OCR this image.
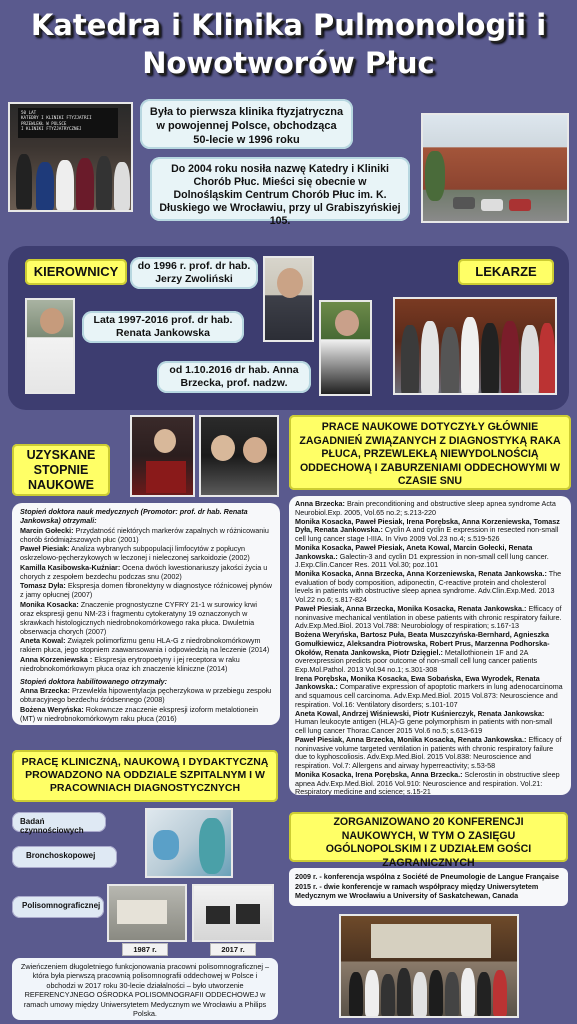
Katedra i Klinika Pulmonologii i
Nowotworów Płuc
50 LAT
KATEDRY I KLINIKI FTYZJATRII
PRZEWLEKŁ W POLSCE
I KLINIKI FTYZJATRYCZNEJ
Była to pierwsza klinika ftyzjatryczna w powojennej Polsce, obchodząca 50-lecie w 1996 roku
Do 2004 roku nosiła nazwę Katedry i Kliniki Chorób Płuc. Mieści się obecnie w Dolnośląskim Centrum Chorób Płuc im. K. Dłuskiego we Wrocławiu, przy ul Grabiszyńskiej 105.
KIEROWNICY	LEKARZE
do 1996 r. prof. dr hab. Jerzy Zwoliński
Lata 1997-2016 prof. dr hab. Renata Jankowska
od 1.10.2016 dr hab. Anna Brzecka, prof. nadzw.
UZYSKANE STOPNIE NAUKOWE

Stopień doktora nauk medycznych (Promotor: prof. dr hab. Renata Jankowska) otrzymali:

Marcin Gołecki: Przydatność niektórych markerów zapalnych w różnicowaniu chorób śródmiąższowych płuc (2001)

Paweł Piesiak: Analiza wybranych subpopulacji limfocytów z popłucyn oskrzelowo-pęcherzykowych w leczonej i nieleczonej sarkoidozie (2002)

Kamilla Kasibowska-Kuźniar: Ocena dwóch kwestionariuszy jakości życia u chorych z zespołem bezdechu podczas snu (2002)

Tomasz Dyła: Ekspresja domen fibronektyny w diagnostyce róźnicowej płynów z jamy opłucnej (2007)

Monika Kosacka: Znaczenie prognostyczne CYFRY 21-1 w surowicy krwi oraz ekspresji genu NM-23 i fragmentu cytokeratyny 19 oznaczonych w skrawkach histologicznych niedrobnokomórkowego raka płuca. Dwuletnia obserwacja chorych (2007)

Aneta Kowal: Związek polimorfizmu genu HLA-G z niedrobnokomórkowym rakiem płuca, jego stopniem zaawansowania i odpowiedzią na leczenie (2014)

Anna Korzeniewska : Ekspresja erytropoetyny i jej receptora w raku niedrobnokomórkowym płuca oraz ich znaczenie kliniczne (2014)

Stopień doktora habilitowanego otrzymały:

Anna Brzecka: Przewlekła hipowentylacja pęcherzykowa w przebiegu zespołu obturacyjnego bezdechu śródsennego (2008)

Bożena Weryńska: Rokowncze znaczenie ekspresji izoform metalotionein (MT) w niedrobnokomórkowym raku płuca (2016)

PRACE NAUKOWE DOTYCZYŁY GŁÓWNIE ZAGADNIEŃ ZWIĄZANYCH Z DIAGNOSTYKĄ RAKA PŁUCA, PRZEWLEKŁĄ NIEWYDOLNOŚCIĄ ODDECHOWĄ I ZABURZENIAMI ODDECHOWYMI W CZASIE SNU

Anna Brzecka: Brain preconditioning and obstructive sleep apnea syndrome Acta Neurobiol.Exp. 2005, Vol.65 no.2; s.213-220

Monika Kosacka, Paweł Piesiak, Irena Porębska, Anna Korzeniewska, Tomasz Dyła, Renata Jankowska.: Cyclin A and cyclin E expression in resected non-small cell lung cancer stage I-IIIA. In Vivo 2009 Vol.23 no.4; s.519-526

Monika Kosacka, Paweł Piesiak, Aneta Kowal, Marcin Gołecki, Renata Jankowska.: Galectin-3 and cyclin D1 expression in non-small cell lung cancer. J.Exp.Clin.Cancer Res. 2011 Vol.30; poz.101

Monika Kosacka, Anna Brzecka, Anna Korzeniewska, Renata Jankowska.: The evaluation of body composition, adiponectin, C-reactive protein and cholesterol levels in patients with obstructive sleep apnea syndrome. Adv.Clin.Exp.Med. 2013 Vol.22 no.6; s.817-824

Paweł Piesiak, Anna Brzecka, Monika Kosacka, Renata Jankowska.: Efficacy of noninvasive mechanical ventilation in obese patients with chronic respiratory failure. Adv.Exp.Med.Biol. 2013 Vol.788: Neurobiology of respiration; s.167-13

Bożena Weryńska, Bartosz Puła, Beata Muszczyńska-Bernhard, Agnieszka Gomułkiewicz, Aleksandra Piotrowska, Robert Prus, Marzenna Podhorska-Okołów, Renata Jankowska, Piotr Dzięgiel.: Metallothionein 1F and 2A overexpression predicts poor outcome of non-small cell lung cancer patients Exp.Mol.Pathol. 2013 Vol.94 no.1; s.301-308

Irena Porębska, Monika Kosacka, Ewa Sobańska, Ewa Wyrodek, Renata Jankowska.: Comparative expression of apoptotic markers in lung adenocarcinoma and squamous cell carcinoma. Adv.Exp.Med.Biol. 2015 Vol.873: Neuroscience and respiration. Vol.16: Ventilatory disorders; s.101-107

Aneta Kowal, Andrzej Wiśniewski, Piotr Kuśnierczyk, Renata Jankowska: Human leukocyte antigen (HLA)-G gene polymorphism in patients with non-small cell lung cancer Thorac.Cancer 2015 Vol.6 no.5; s.613-619

Paweł Piesiak, Anna Brzecka, Monika Kosacka, Renata Jankowska.: Efficacy of noninvasive volume targeted ventilation in patients with chronic respiratory failure due to kyphoscoliosis. Adv.Exp.Med.Biol. 2015 Vol.838: Neuroscience and respiration. Vol.7: Allergens and airway hyperreactivity; s.53-58

Monika Kosacka, Irena Porębska, Anna Brzecka.: Sclerostin in obstructive sleep apnea Adv.Exp.Med.Biol. 2016 Vol.910: Neuroscience and respiration. Vol.21: Respiratory medicine and science; s.15-21

PRACĘ KLINICZNĄ, NAUKOWĄ I DYDAKTYCZNĄ PROWADZONO NA ODDZIALE SZPITALNYM I W PRACOWNIACH DIAGNOSTYCZNYCH
Badań czynnościowych
Bronchoskopowej
Polisomnograficznej
1987 r.	2017 r.
Zwieńczeniem długoletniego funkcjonowania pracowni polisomnograficznej – która była pierwszą pracownią polisomnografii oddechowej w Polsce i obchodzi w 2017 roku 30-lecie działalności – było utworzenie REFERENCYJNEGO OŚRODKA POLISOMNOGRAFII ODDECHOWEJ w ramach umowy między Uniwersytetem Medycznym we Wrocławiu a Philips Polska.
ZORGANIZOWANO 20 KONFERENCJI NAUKOWYCH, W TYM O ZASIĘGU OGÓLNOPOLSKIM I Z UDZIAŁEM GOŚCI ZAGRANICZNYCH
2009 r. - konferencja wspólna z Société de Pneumologie de Langue Française
2015 r. - dwie konferencje w ramach współpracy między Uniwersytetem Medycznym we Wrocławiu a University of Saskatchewan, Canada
